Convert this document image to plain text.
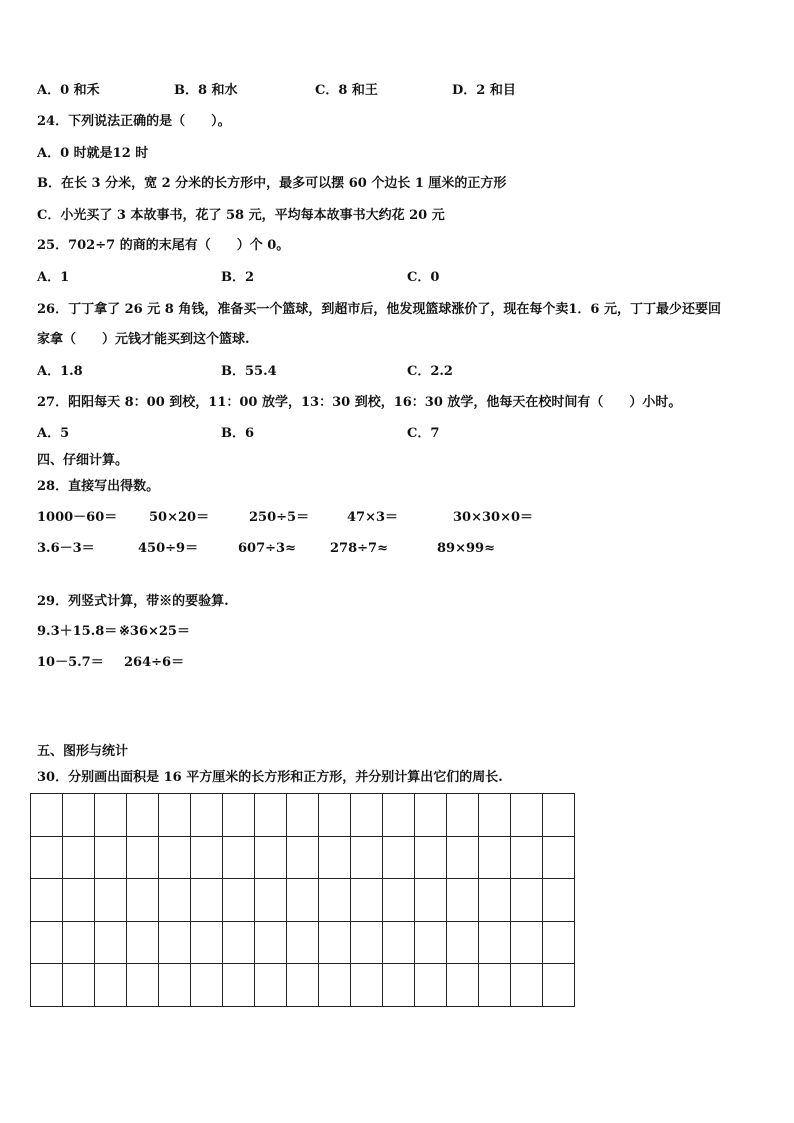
A．0 和禾	B．8 和水	C．8 和王	D．2 和目
24．下列说法正确的是（　　）。
A．0 时就是12 时
B．在长 3 分米，宽 2 分米的长方形中，最多可以摆 60 个边长 1 厘米的正方形
C．小光买了 3 本故事书，花了 58 元，平均每本故事书大约花 20 元
25．702÷7 的商的末尾有（　　）个 0。
A．1	B．2	C．0
26．丁丁拿了 26 元 8 角钱，准备买一个篮球，到超市后，他发现篮球涨价了，现在每个卖1．6 元，丁丁最少还要回
家拿（　　）元钱才能买到这个篮球.
A．1.8	B．55.4	C．2.2
27．阳阳每天 8：00 到校，11：00 放学，13：30 到校，16：30 放学，他每天在校时间有（　　）小时。
A．5	B．6	C．7
四、仔细计算。
28．直接写出得数。
1000－60＝ 50×20＝	250÷5＝	47×3＝	30×30×0＝
3.6－3＝	450÷9＝	607÷3≈	278÷7≈	89×99≈
29．列竖式计算，带※的要验算.
9.3＋15.8＝ ※36×25＝
10－5.7＝ 264÷6＝
五、图形与统计
30．分别画出面积是 16 平方厘米的长方形和正方形，并分别计算出它们的周长.
